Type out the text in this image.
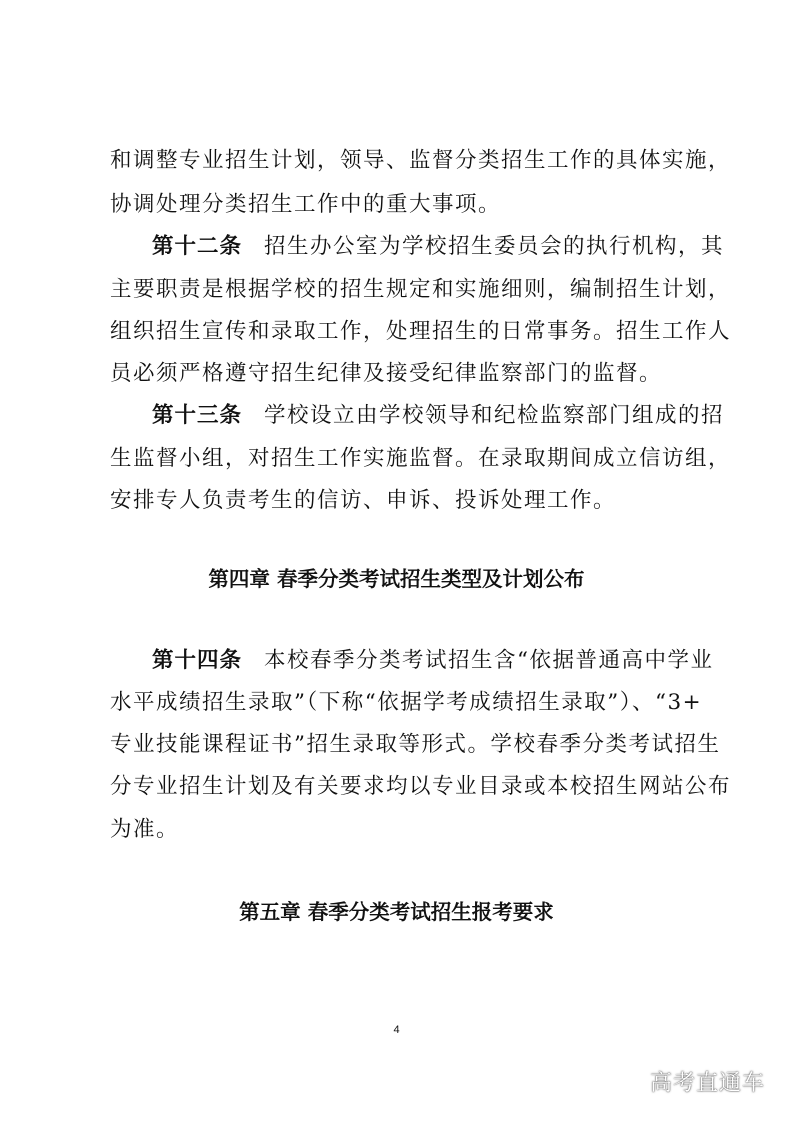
和调整专业招生计划，领导、监督分类招生工作的具体实施，
协调处理分类招生工作中的重大事项。
第十二条 招生办公室为学校招生委员会的执行机构，其
主要职责是根据学校的招生规定和实施细则，编制招生计划，
组织招生宣传和录取工作，处理招生的日常事务。招生工作人
员必须严格遵守招生纪律及接受纪律监察部门的监督。
第十三条 学校设立由学校领导和纪检监察部门组成的招
生监督小组，对招生工作实施监督。在录取期间成立信访组，
安排专人负责考生的信访、申诉、投诉处理工作。
第四章 春季分类考试招生类型及计划公布
第十四条 本校春季分类考试招生含“依据普通高中学业
水平成绩招生录取”（下称“依据学考成绩招生录取”）、“3+
专业技能课程证书”招生录取等形式。学校春季分类考试招生
分专业招生计划及有关要求均以专业目录或本校招生网站公布
为准。
第五章 春季分类考试招生报考要求
4
高考直通车
